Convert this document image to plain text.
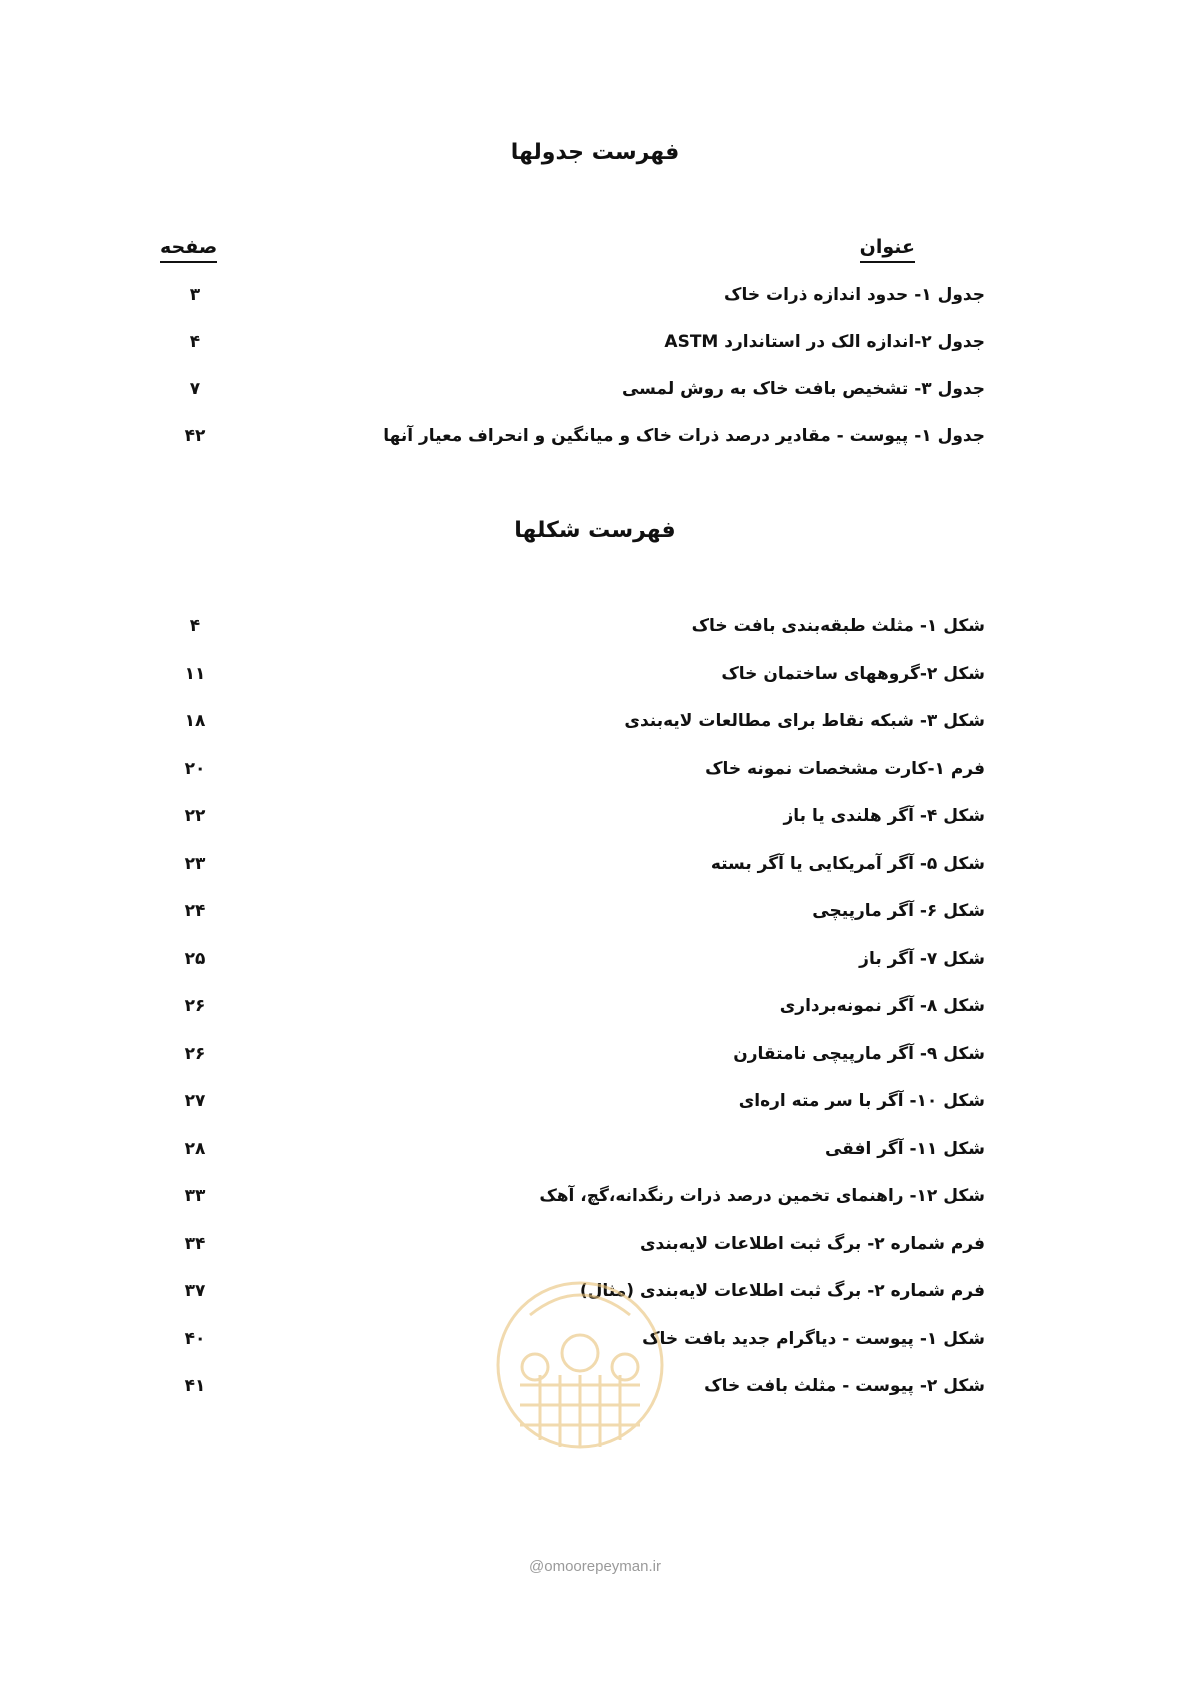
فهرست جدولها
عنوان
صفحه
جدول ۱- حدود اندازه ذرات خاک
۳
جدول ۲-اندازه الک در استاندارد ASTM
۴
جدول ۳- تشخیص بافت خاک به روش لمسی
۷
جدول ۱- پیوست - مقادیر درصد ذرات خاک و میانگین و انحراف معیار آنها
۴۲
فهرست شکلها
شکل ۱- مثلث طبقه‌بندی بافت خاک
۴
شکل ۲-گروههای ساختمان خاک
۱۱
شکل ۳- شبکه نقاط برای مطالعات لایه‌بندی
۱۸
فرم ۱-کارت مشخصات نمونه خاک
۲۰
شکل ۴- آگر هلندی یا باز
۲۲
شکل ۵- آگر آمریکایی یا آگر بسته
۲۳
شکل ۶- آگر مارپیچی
۲۴
شکل ۷- آگر باز
۲۵
شکل ۸- آگر نمونه‌برداری
۲۶
شکل ۹- آگر مارپیچی نامتقارن
۲۶
شکل ۱۰- آگر با سر مته اره‌ای
۲۷
شکل ۱۱- آگر افقی
۲۸
شکل ۱۲- راهنمای تخمین درصد ذرات رنگدانه،گچ، آهک
۳۳
فرم شماره ۲- برگ ثبت اطلاعات لایه‌بندی
۳۴
فرم شماره ۲- برگ ثبت اطلاعات لایه‌بندی (مثال)
۳۷
شکل ۱- پیوست - دیاگرام جدید بافت خاک
۴۰
شکل ۲- پیوست - مثلث بافت خاک
۴۱
@omoorepeyman.ir
